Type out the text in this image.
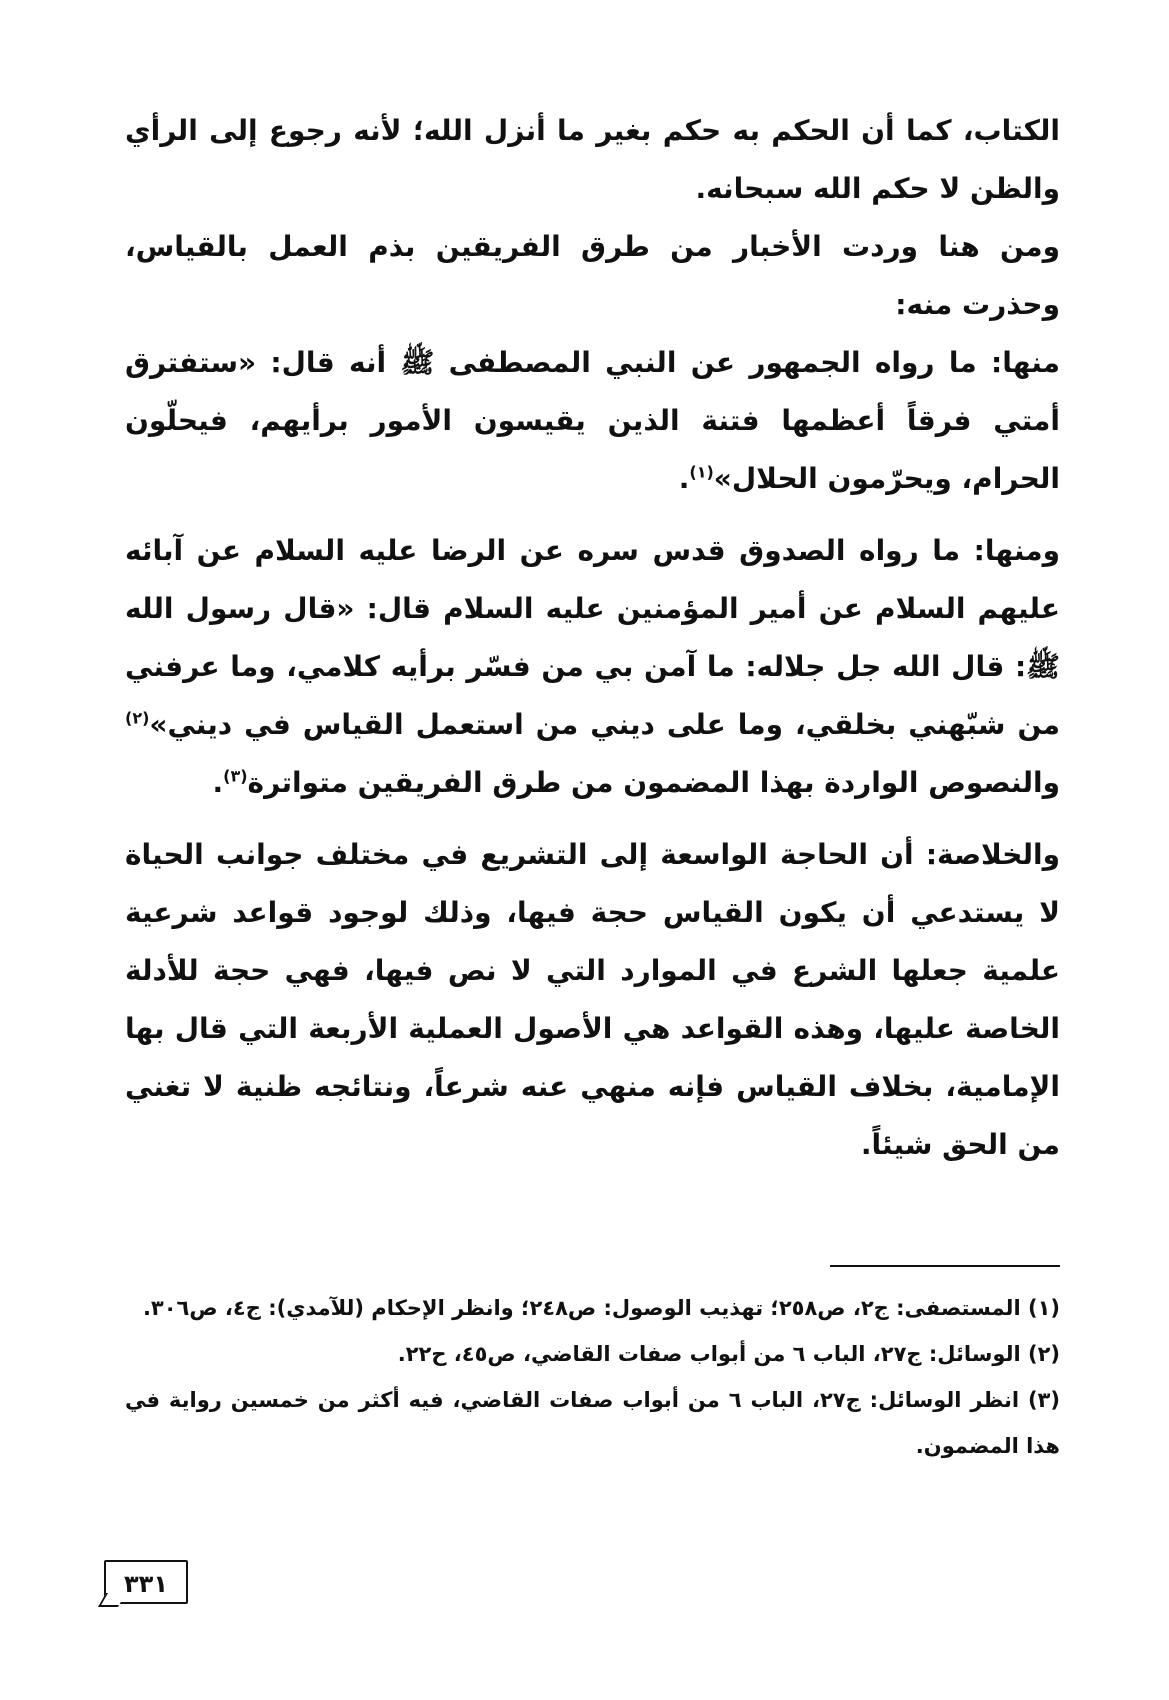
الكتاب، كما أن الحكم به حكم بغير ما أنزل الله؛ لأنه رجوع إلى الرأي والظن لا حكم الله سبحانه.

ومن هنا وردت الأخبار من طرق الفريقين بذم العمل بالقياس، وحذرت منه:

منها: ما رواه الجمهور عن النبي المصطفى ﷺ أنه قال: «ستفترق أمتي فرقاً أعظمها فتنة الذين يقيسون الأمور برأيهم، فيحلّون الحرام، ويحرّمون الحلال»$^{(١)}$.

ومنها: ما رواه الصدوق قدس سره عن الرضا عليه السلام عن آبائه عليهم السلام عن أمير المؤمنين عليه السلام قال: «قال رسول الله ﷺ: قال الله جل جلاله: ما آمن بي من فسّر برأيه كلامي، وما عرفني من شبّهني بخلقي، وما على ديني من استعمل القياس في ديني»$^{(٢)}$ والنصوص الواردة بهذا المضمون من طرق الفريقين متواترة$^{(٣)}$.

والخلاصة: أن الحاجة الواسعة إلى التشريع في مختلف جوانب الحياة لا يستدعي أن يكون القياس حجة فيها، وذلك لوجود قواعد شرعية علمية جعلها الشرع في الموارد التي لا نص فيها، فهي حجة للأدلة الخاصة عليها، وهذه القواعد هي الأصول العملية الأربعة التي قال بها الإمامية، بخلاف القياس فإنه منهي عنه شرعاً، ونتائجه ظنية لا تغني من الحق شيئاً.

(١) المستصفى: ج٢، ص٢٥٨؛ تهذيب الوصول: ص٢٤٨؛ وانظر الإحكام (للآمدي): ج٤، ص٣٠٦.

(٢) الوسائل: ج٢٧، الباب ٦ من أبواب صفات القاضي، ص٤٥، ح٢٢.

(٣) انظر الوسائل: ج٢٧، الباب ٦ من أبواب صفات القاضي، فيه أكثر من خمسين رواية في هذا المضمون.

٣٣١
